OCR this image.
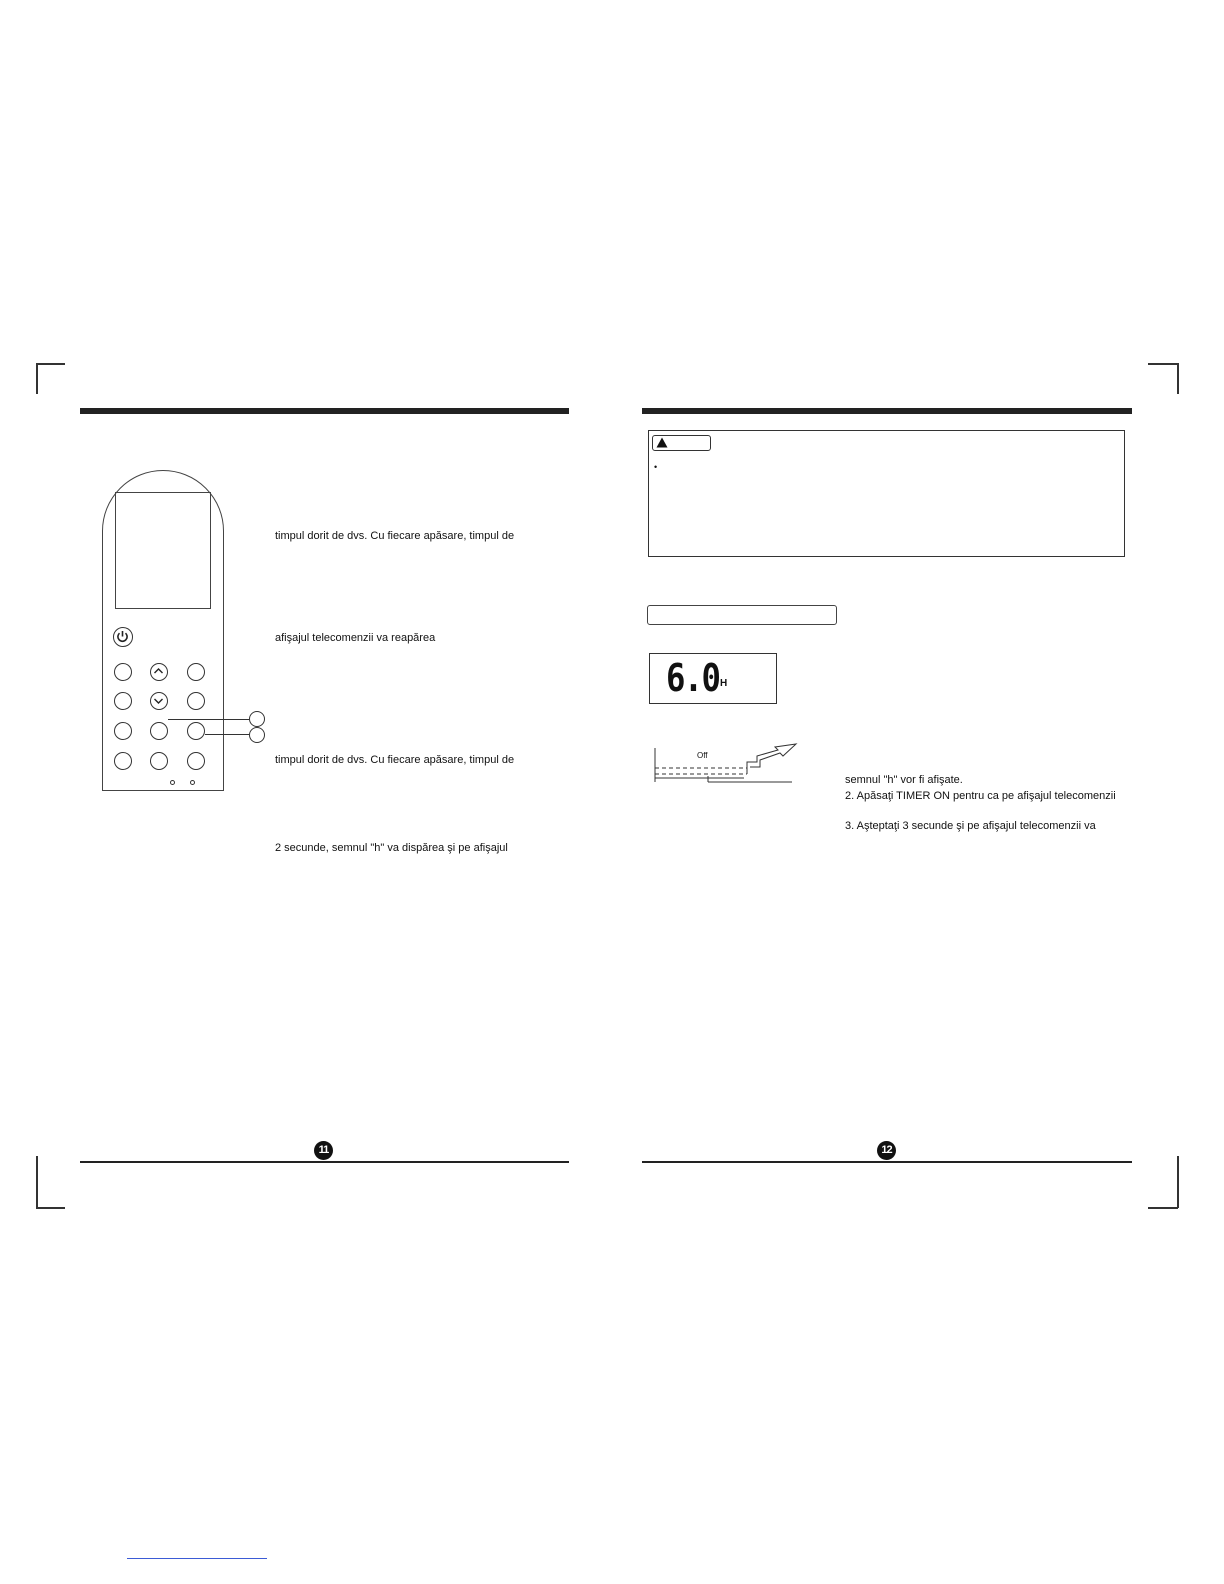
timpul dorit de dvs. Cu fiecare apăsare, timpul de
afişajul telecomenzii va reapărea
timpul dorit de dvs. Cu fiecare apăsare, timpul de
2 secunde, semnul "h" va dispărea şi pe afişajul
11
•
6.0 H
Off
semnul "h" vor fi afişate.
2. Apăsaţi TIMER ON pentru ca pe afişajul telecomenzii
3. Aşteptaţi 3 secunde şi pe afişajul telecomenzii va
12
